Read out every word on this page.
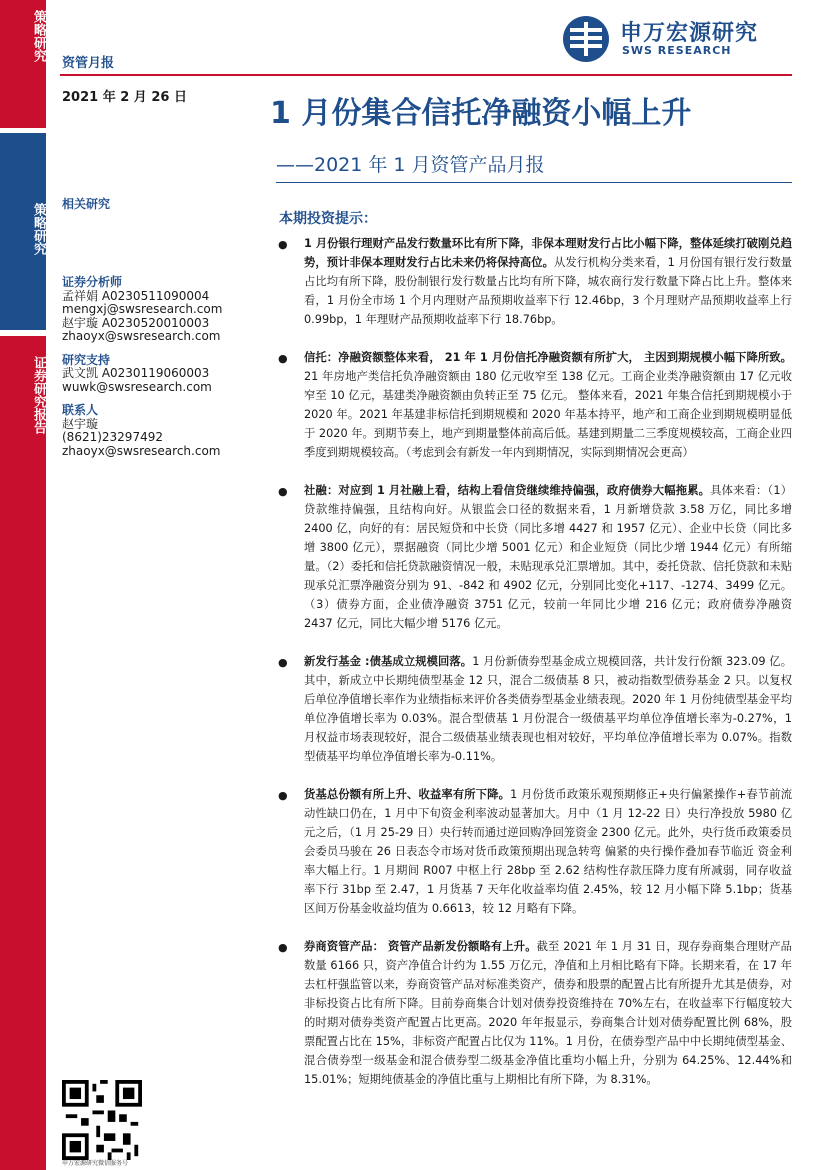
策略研究
策略研究
证券研究报告
资管月报
2021 年 2 月 26 日
申万宏源研究
SWS RESEARCH
1 月份集合信托净融资小幅上升
——2021 年 1 月资管产品月报
相关研究
证券分析师
孟祥娟 A0230511090004
mengxj@swsresearch.com
赵宇璇 A0230520010003
zhaoyx@swsresearch.com
研究支持
武文凯 A0230119060003
wuwk@swsresearch.com
联系人
赵宇璇
(8621)23297492
zhaoyx@swsresearch.com
本期投资提示：
● 1 月份银行理财产品发行数量环比有所下降，非保本理财发行占比小幅下降，整体延续打破刚兑趋势，预计非保本理财发行占比未来仍将保持高位。从发行机构分类来看，1 月份国有银行发行数量占比均有所下降，股份制银行发行数量占比均有所下降，城农商行发行数量下降占比上升。整体来看，1 月份全市场 1 个月内理财产品预期收益率下行 12.46bp，3 个月理财产品预期收益率上行 0.99bp，1 年理财产品预期收益率下行 18.76bp。
● 信托：净融资额整体来看， 21 年 1 月份信托净融资额有所扩大， 主因到期规模小幅下降所致。21 年房地产类信托负净融资额由 180 亿元收窄至 138 亿元。工商企业类净融资额由 17 亿元收窄至 10 亿元，基建类净融资额由负转正至 75 亿元。 整体来看，2021 年集合信托到期规模小于 2020 年。2021 年基建非标信托到期规模和 2020 年基本持平，地产和工商企业到期规模明显低于 2020 年。到期节奏上，地产到期量整体前高后低。基建到期量二三季度规模较高，工商企业四季度到期规模较高。（考虑到会有新发一年内到期情况，实际到期情况会更高）
● 社融：对应到 1 月社融上看，结构上看信贷继续维持偏强，政府债券大幅拖累。具体来看：（1）贷款维持偏强，且结构向好。从银监会口径的数据来看，1 月新增贷款 3.58 万亿，同比多增 2400 亿，向好的有：居民短贷和中长贷（同比多增 4427 和 1957 亿元）、企业中长贷（同比多增 3800 亿元），票据融资（同比少增 5001 亿元）和企业短贷（同比少增 1944 亿元）有所缩量。（2）委托和信托贷款融资情况一般，未贴现承兑汇票增加。其中，委托贷款、信托贷款和未贴现承兑汇票净融资分别为 91、-842 和 4902 亿元，分别同比变化+117、-1274、3499 亿元。（3）债券方面，企业债净融资 3751 亿元，较前一年同比少增 216 亿元；政府债券净融资 2437 亿元，同比大幅少增 5176 亿元。
● 新发行基金 :债基成立规模回落。1 月份新债券型基金成立规模回落，共计发行份额 323.09 亿。其中，新成立中长期纯债型基金 12 只，混合二级债基 8 只，被动指数型债券基金 2 只。以复权后单位净值增长率作为业绩指标来评价各类债券型基金业绩表现。2020 年 1 月份纯债型基金平均单位净值增长率为 0.03%。混合型债基 1 月份混合一级债基平均单位净值增长率为-0.27%，1 月权益市场表现较好，混合二级债基业绩表现也相对较好，平均单位净值增长率为 0.07%。指数型债基平均单位净值增长率为-0.11%。
● 货基总份额有所上升、收益率有所下降。1 月份货币政策乐观预期修正+央行偏紧操作+春节前流动性缺口仍在，1 月中下旬资金利率波动显著加大。月中（1 月 12-22 日）央行净投放 5980 亿元之后，（1 月 25-29 日）央行转而通过逆回购净回笼资金 2300 亿元。此外，央行货币政策委员会委员马骏在 26 日表态令市场对货币政策预期出现急转弯 偏紧的央行操作叠加春节临近 资金利率大幅上行。1 月期间 R007 中枢上行 28bp 至 2.62 结构性存款压降力度有所减弱，同存收益率下行 31bp 至 2.47，1 月货基 7 天年化收益率均值 2.45%，较 12 月小幅下降 5.1bp；货基区间万份基金收益均值为 0.6613，较 12 月略有下降。
● 券商资管产品： 资管产品新发份额略有上升。截至 2021 年 1 月 31 日，现存券商集合理财产品数量 6166 只，资产净值合计约为 1.55 万亿元，净值和上月相比略有下降。长期来看，在 17 年去杠杆强监管以来，券商资管产品对标准类资产，债券和股票的配置占比有所提升尤其是债券，对非标投资占比有所下降。目前券商集合计划对债券投资维持在 70%左右，在收益率下行幅度较大的时期对债券类资产配置占比更高。2020 年年报显示，券商集合计划对债券配置比例 68%，股票配置占比在 15%，非标资产配置占比仅为 11%。1 月份，在债券型产品中中长期纯债型基金、混合债券型一级基金和混合债券型二级基金净值比重均小幅上升，分别为 64.25%、12.44%和 15.01%；短期纯债基金的净值比重与上期相比有所下降，为 8.31%。
申万宏源研究微信服务号
